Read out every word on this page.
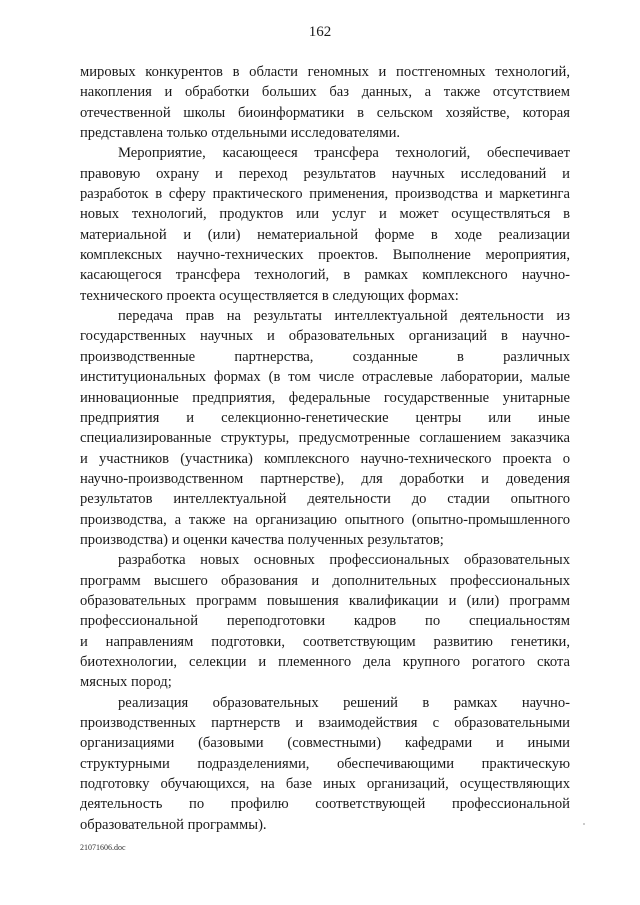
162
мировых конкурентов в области геномных и постгеномных технологий,
накопления и обработки больших баз данных, а также отсутствием
отечественной школы биоинформатики в сельском хозяйстве, которая
представлена только отдельными исследователями.
Мероприятие, касающееся трансфера технологий, обеспечивает
правовую охрану и переход результатов научных исследований и
разработок в сферу практического применения, производства и маркетинга
новых технологий, продуктов или услуг и может осуществляться в
материальной и (или) нематериальной форме в ходе реализации
комплексных научно-технических проектов. Выполнение мероприятия,
касающегося трансфера технологий, в рамках комплексного научно-
технического проекта осуществляется в следующих формах:
передача прав на результаты интеллектуальной деятельности из
государственных научных и образовательных организаций в научно-
производственные партнерства, созданные в различных
институциональных формах (в том числе отраслевые лаборатории, малые
инновационные предприятия, федеральные государственные унитарные
предприятия и селекционно-генетические центры или иные
специализированные структуры, предусмотренные соглашением заказчика
и участников (участника) комплексного научно-технического проекта о
научно-производственном партнерстве), для доработки и доведения
результатов интеллектуальной деятельности до стадии опытного
производства, а также на организацию опытного (опытно-промышленного
производства) и оценки качества полученных результатов;
разработка новых основных профессиональных образовательных
программ высшего образования и дополнительных профессиональных
образовательных программ повышения квалификации и (или) программ
профессиональной переподготовки кадров по специальностям
и направлениям подготовки, соответствующим развитию генетики,
биотехнологии, селекции и племенного дела крупного рогатого скота
мясных пород;
реализация образовательных решений в рамках научно-
производственных партнерств и взаимодействия с образовательными
организациями (базовыми (совместными) кафедрами и иными
структурными подразделениями, обеспечивающими практическую
подготовку обучающихся, на базе иных организаций, осуществляющих
деятельность по профилю соответствующей профессиональной
образовательной программы).
21071606.doc
